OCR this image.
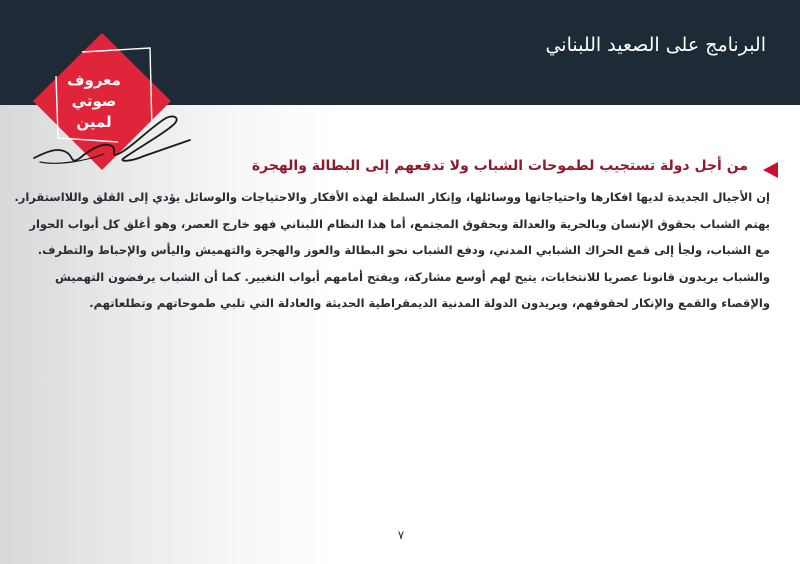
البرنامج على الصعيد اللبناني
معروف
صوتي
لمين
من أجل دولة تستجيب لطموحات الشباب ولا تدفعهم إلى البطالة والهجرة

إن الأجيال الجديدة لديها افكارها واحتياجاتها ووسائلها، وإنكار السلطة لهذه الأفكار والاحتياجات والوسائل يؤدي إلى القلق واللااستقرار.

يهتم الشباب بحقوق الإنسان وبالحرية والعدالة وبحقوق المجتمع، أما هذا النظام اللبناني فهو خارج العصر، وهو أغلق كل أبواب الحوار

مع الشباب، ولجأ إلى قمع الحراك الشبابي المدني، ودفع الشباب نحو البطالة والعوز والهجرة والتهميش واليأس والإحباط والتطرف.

والشباب يريدون قانونا عصريا للانتخابات، يتيح لهم أوسع مشاركة، ويفتح أمامهم أبواب التغيير. كما أن الشباب يرفضون التهميش

والإقصاء والقمع والإنكار لحقوقهم، ويريدون الدولة المدنية الديمقراطية الحديثة والعادلة التي تلبي طموحاتهم وتطلعاتهم.

٧
